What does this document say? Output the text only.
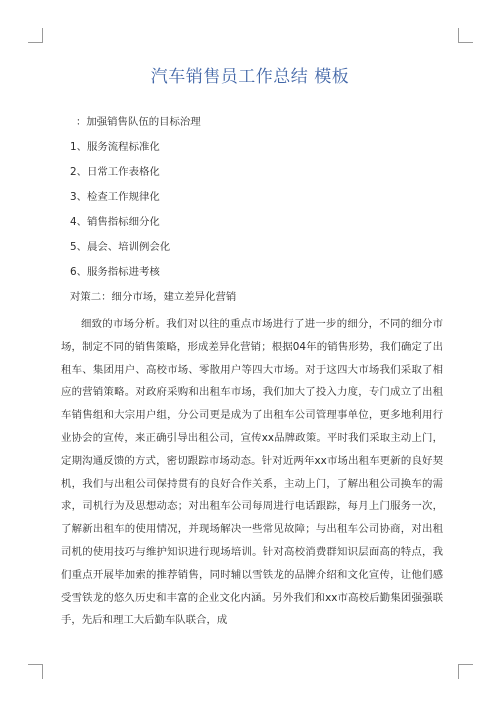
汽车销售员工作总结 模板
：加强销售队伍的目标治理
1、服务流程标准化
2、日常工作表格化
3、检查工作规律化
4、销售指标细分化
5、晨会、培训例会化
6、服务指标进考核
对策二：细分市场，建立差异化营销
细致的市场分析。我们对以往的重点市场进行了进一步的细分，不同的细分市场，制定不同的销售策略，形成差异化营销；根据04年的销售形势，我们确定了出租车、集团用户、高校市场、零散用户等四大市场。对于这四大市场我们采取了相应的营销策略。对政府采购和出租车市场，我们加大了投入力度，专门成立了出租车销售组和大宗用户组，分公司更是成为了出租车公司管理事单位，更多地利用行业协会的宣传，来正确引导出租公司，宣传xx品牌政策。平时我们采取主动上门，定期沟通反馈的方式，密切跟踪市场动态。针对近两年xx市场出租车更新的良好契机，我们与出租公司保持贯有的良好合作关系，主动上门，了解出租公司换车的需求，司机行为及思想动态；对出租车公司每周进行电话跟踪，每月上门服务一次，了解新出租车的使用情况，并现场解决一些常见故障；与出租车公司协商，对出租司机的使用技巧与维护知识进行现场培训。针对高校消费群知识层面高的特点，我们重点开展毕加索的推荐销售，同时辅以雪铁龙的品牌介绍和文化宣传，让他们感受雪铁龙的悠久历史和丰富的企业文化内涵。另外我们和xx市高校后勤集团强强联手，先后和理工大后勤车队联合，成
